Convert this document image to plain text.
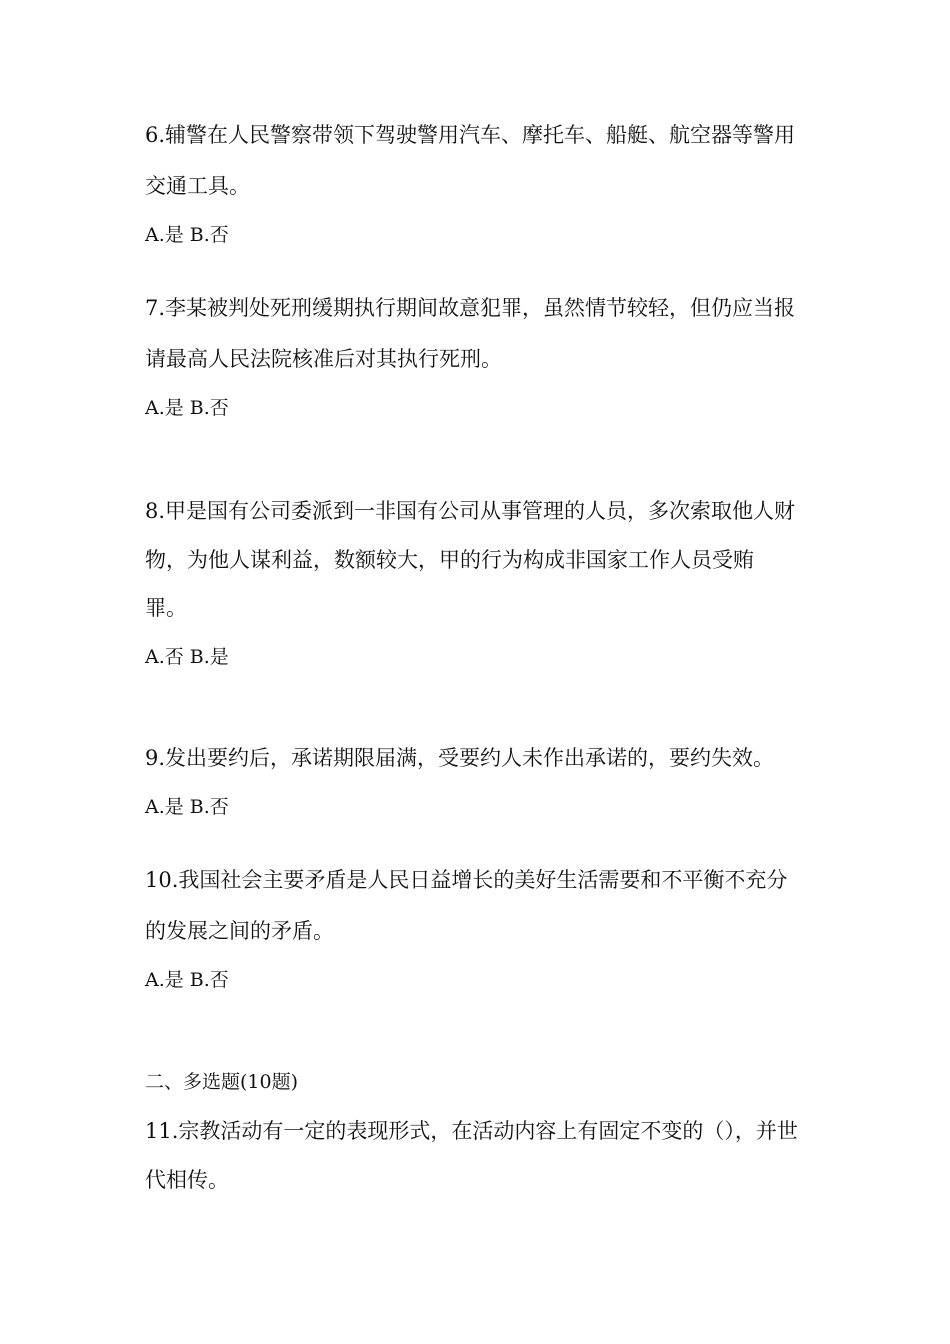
6.辅警在人民警察带领下驾驶警用汽车、摩托车、船艇、航空器等警用
交通工具。
A.是 B.否
7.李某被判处死刑缓期执行期间故意犯罪，虽然情节较轻，但仍应当报
请最高人民法院核准后对其执行死刑。
A.是 B.否
8.甲是国有公司委派到一非国有公司从事管理的人员，多次索取他人财
物，为他人谋利益，数额较大，甲的行为构成非国家工作人员受贿
罪。
A.否 B.是
9.发出要约后，承诺期限届满，受要约人未作出承诺的，要约失效。
A.是 B.否
10.我国社会主要矛盾是人民日益增长的美好生活需要和不平衡不充分
的发展之间的矛盾。
A.是 B.否
二、多选题(10题)
11.宗教活动有一定的表现形式，在活动内容上有固定不变的（），并世
代相传。
